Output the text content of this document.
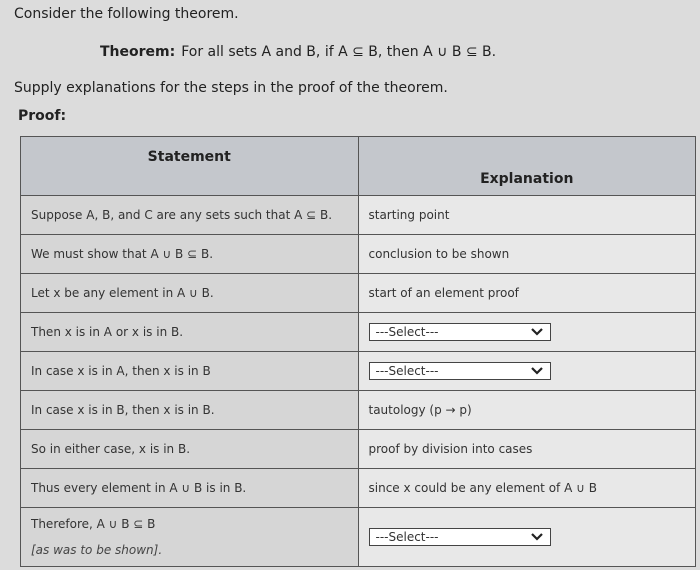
Consider the following theorem.
Theorem: For all sets A and B, if A ⊆ B, then A ∪ B ⊆ B.
Supply explanations for the steps in the proof of the theorem.
Proof:
Statement	Explanation
Suppose A, B, and C are any sets such that A ⊆ B.	starting point
We must show that A ∪ B ⊆ B.	conclusion to be shown
Let x be any element in A ∪ B.	start of an element proof
Then x is in A or x is in B.	---Select---

In case x is in A, then x is in B	---Select---

In case x is in B, then x is in B.	tautology (p → p)
So in either case, x is in B.	proof by division into cases
Thus every element in A ∪ B is in B.	since x could be any element of A ∪ B
Therefore, A ∪ B ⊆ B
[as was to be shown].	---Select---
